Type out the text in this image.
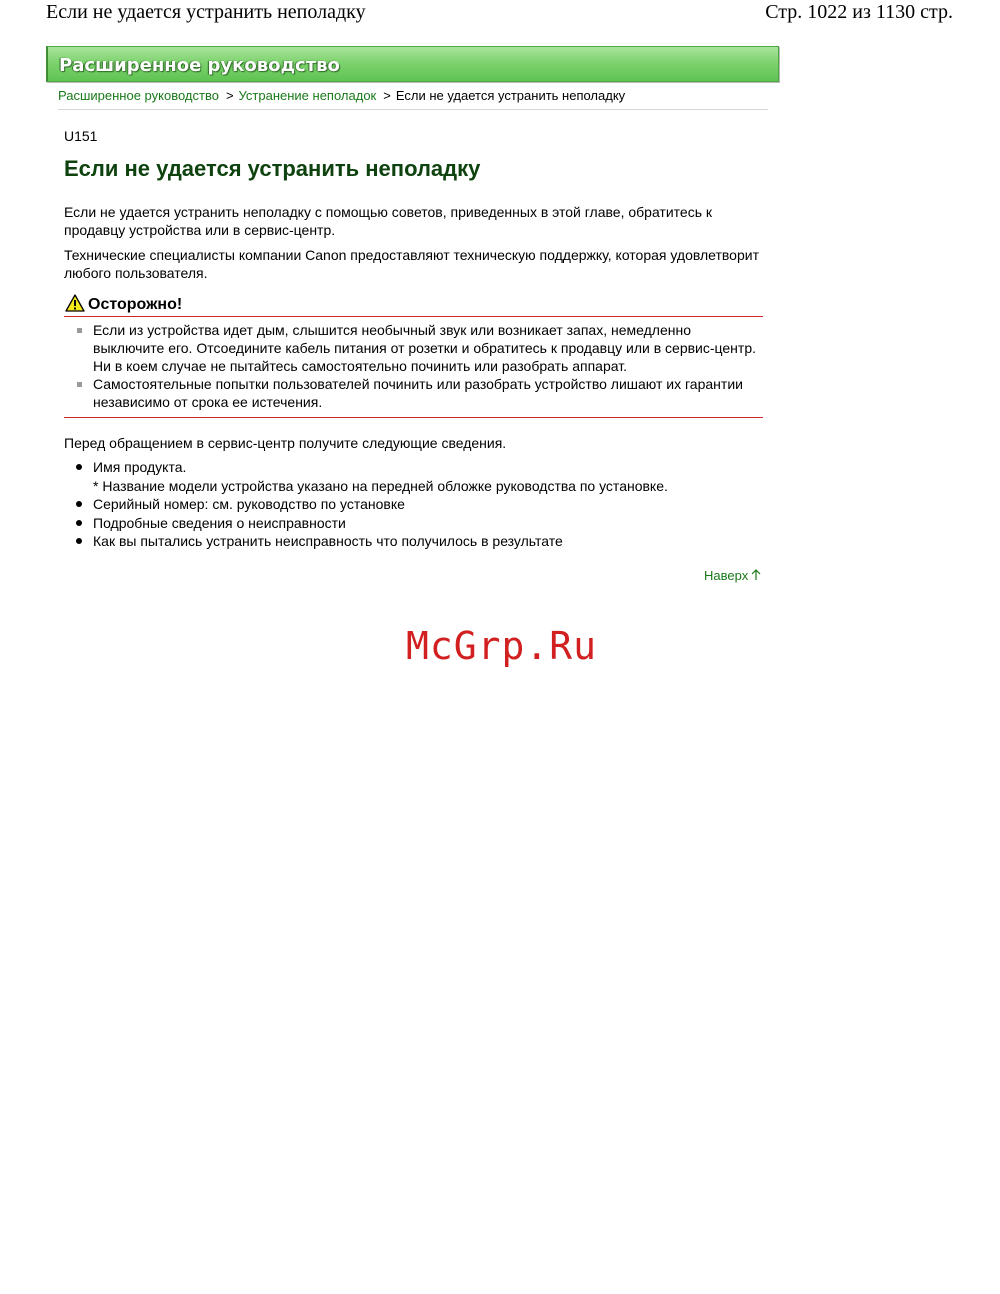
Если не удается устранить неполадку	Стр. 1022 из 1130 стр.
Расширенное руководство
Расширенное руководство > Устранение неполадок > Если не удается устранить неполадку
U151
Если не удается устранить неполадку
Если не удается устранить неполадку с помощью советов, приведенных в этой главе, обратитесь к продавцу устройства или в сервис-центр.
Технические специалисты компании Canon предоставляют техническую поддержку, которая удовлетворит любого пользователя.
Осторожно!
Если из устройства идет дым, слышится необычный звук или возникает запах, немедленно выключите его. Отсоедините кабель питания от розетки и обратитесь к продавцу или в сервис-центр. Ни в коем случае не пытайтесь самостоятельно починить или разобрать аппарат.
Самостоятельные попытки пользователей починить или разобрать устройство лишают их гарантии независимо от срока ее истечения.
Перед обращением в сервис-центр получите следующие сведения.
Имя продукта.
* Название модели устройства указано на передней обложке руководства по установке.
Серийный номер: см. руководство по установке
Подробные сведения о неисправности
Как вы пытались устранить неисправность что получилось в результате
Наверх
McGrp.Ru
